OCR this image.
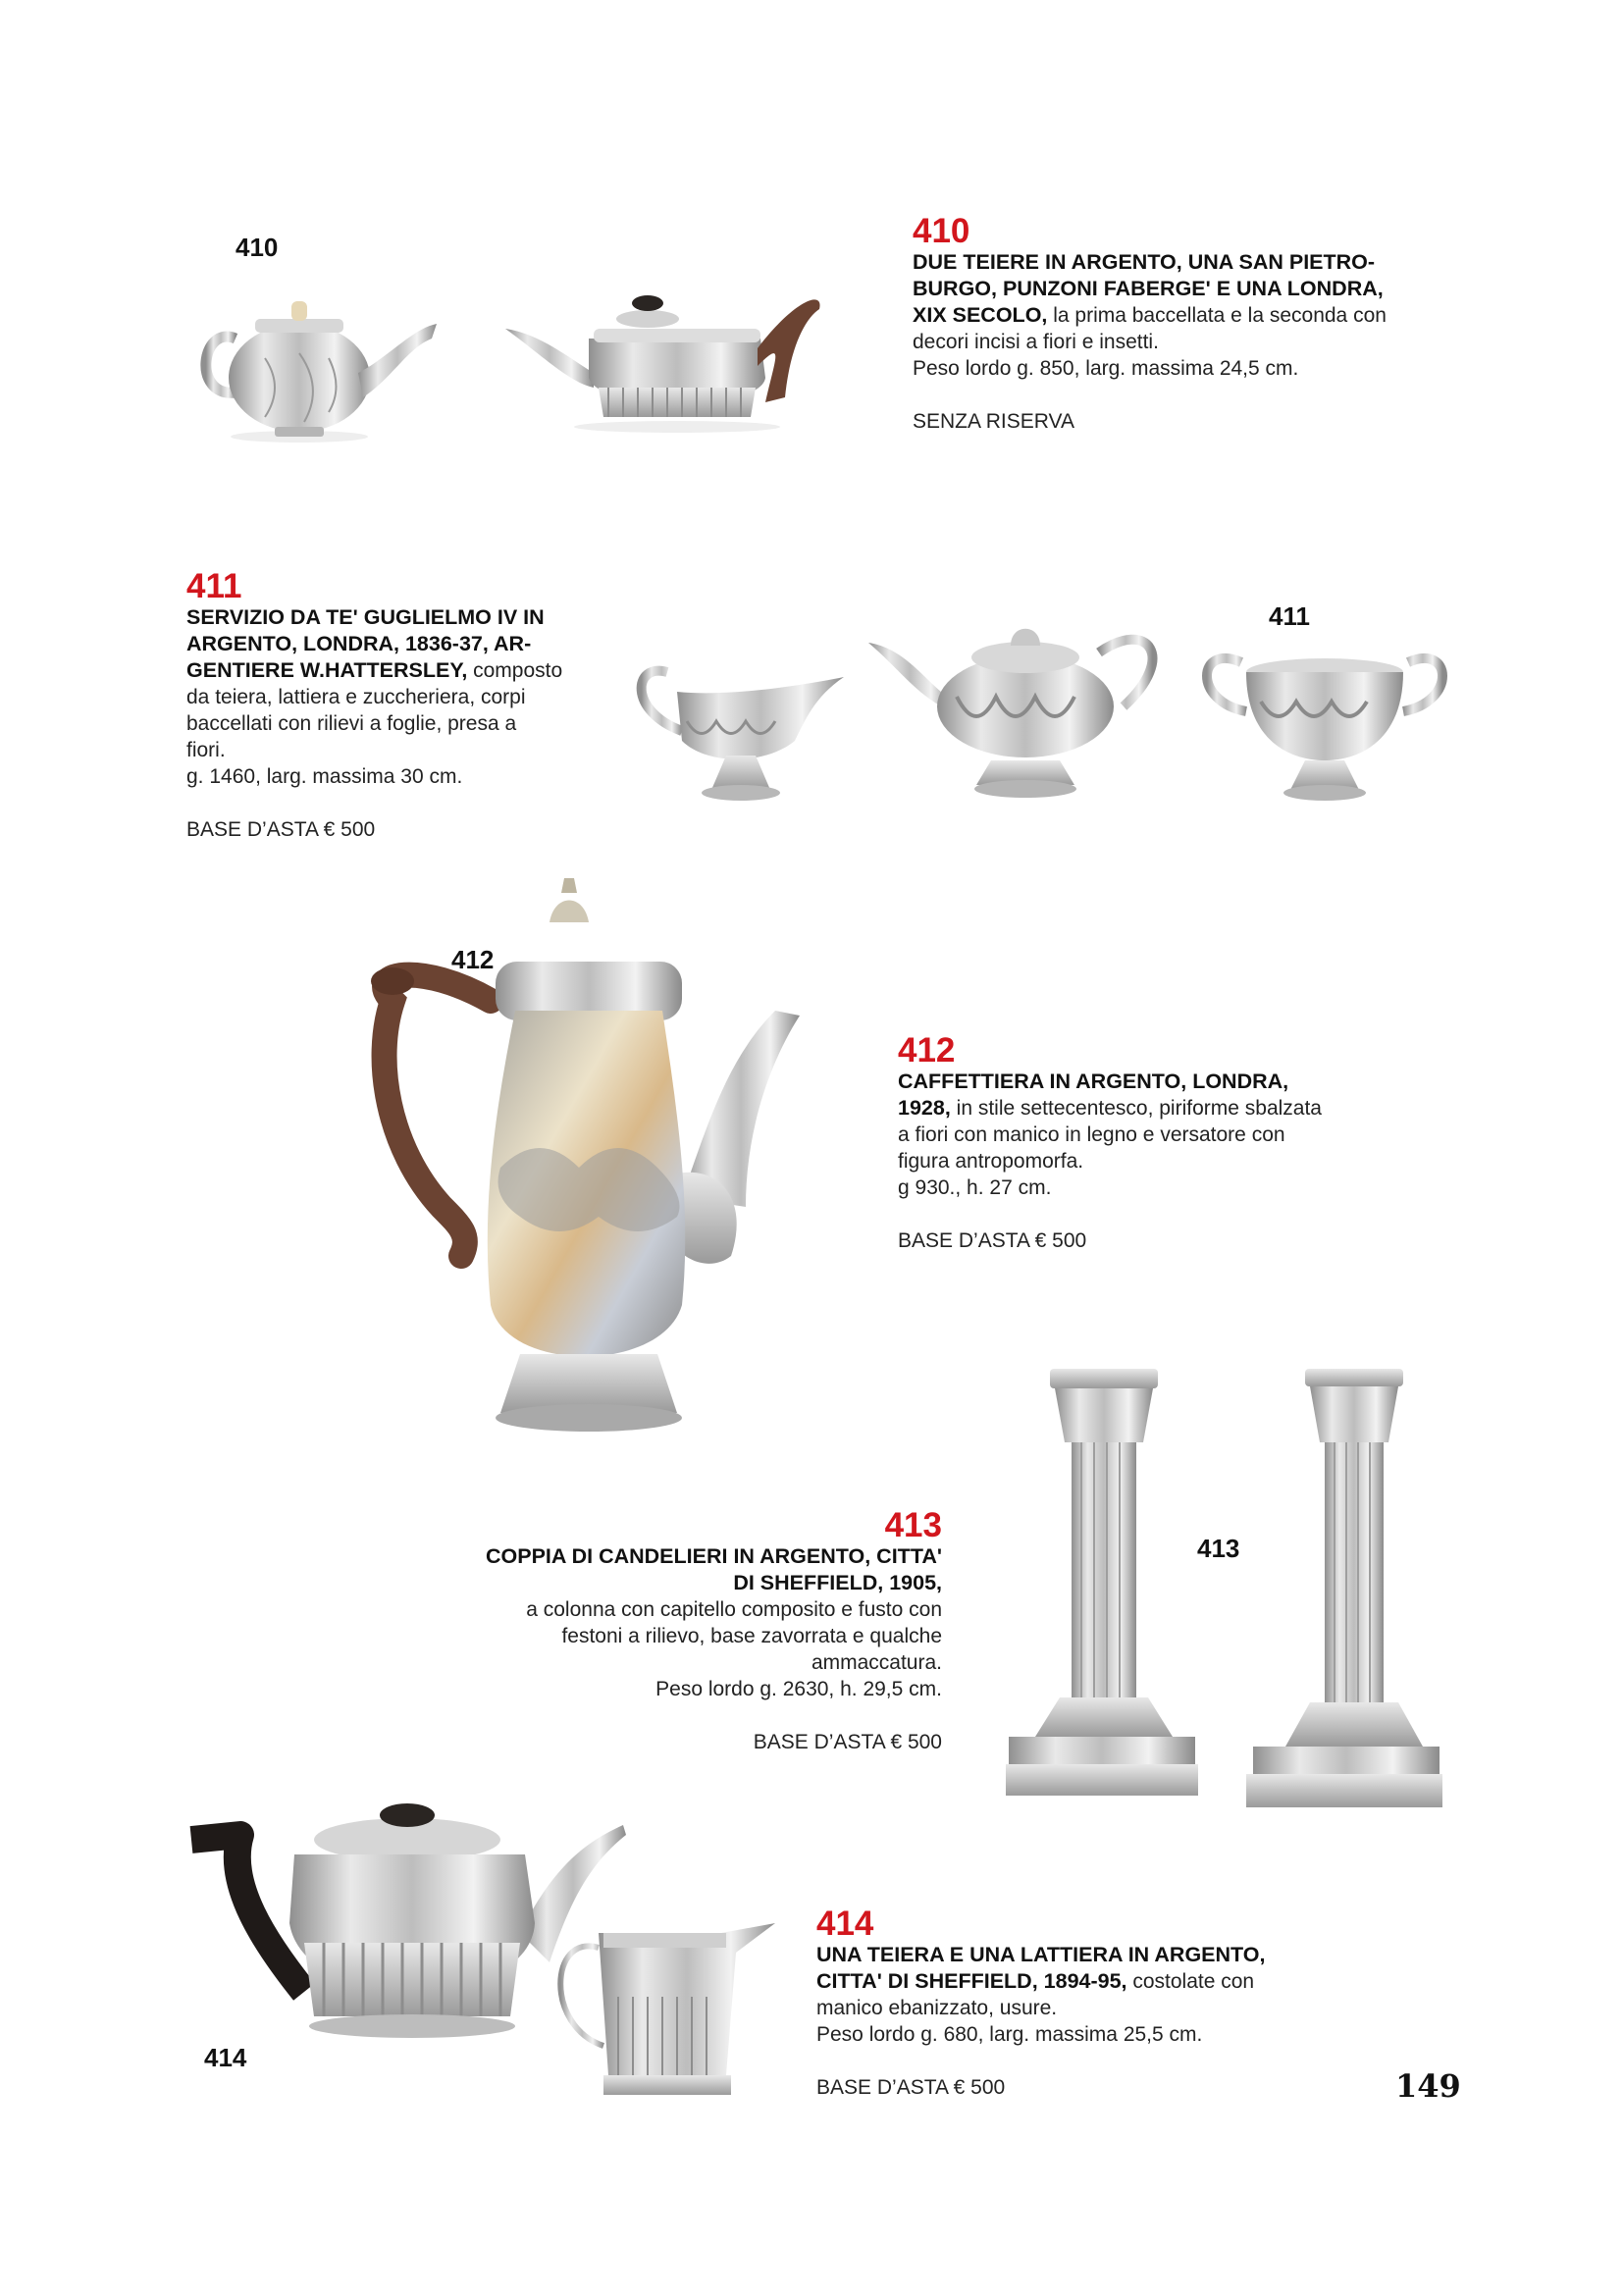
410	410
DUE TEIERE IN ARGENTO, UNA SAN PIETRO-
BURGO, PUNZONI FABERGE' E UNA LONDRA,
XIX SECOLO, la prima baccellata e la seconda con
decori incisi a fiori e insetti.
Peso lordo g. 850, larg. massima 24,5 cm.
SENZA RISERVA
411
SERVIZIO DA TE' GUGLIELMO IV IN
ARGENTO, LONDRA, 1836-37, AR-
GENTIERE W.HATTERSLEY, composto
da teiera, lattiera e zuccheriera, corpi
baccellati con rilievi a foglie, presa a
fiori.
g. 1460, larg. massima 30 cm.
BASE D’ASTA € 500
411
412
412
CAFFETTIERA IN ARGENTO, LONDRA,
1928, in stile settecentesco, piriforme sbalzata
a fiori con manico in legno e versatore con
figura antropomorfa.
g 930., h. 27 cm.
BASE D’ASTA € 500
413
COPPIA DI CANDELIERI IN ARGENTO, CITTA'
DI SHEFFIELD, 1905,
a colonna con capitello composito e fusto con
festoni a rilievo, base zavorrata e qualche
ammaccatura.
Peso lordo g. 2630, h. 29,5 cm.
BASE D’ASTA € 500
413
414
414
UNA TEIERA E UNA LATTIERA IN ARGENTO,
CITTA' DI SHEFFIELD, 1894-95, costolate con
manico ebanizzato, usure.
Peso lordo g. 680, larg. massima 25,5 cm.
BASE D’ASTA € 500	149
